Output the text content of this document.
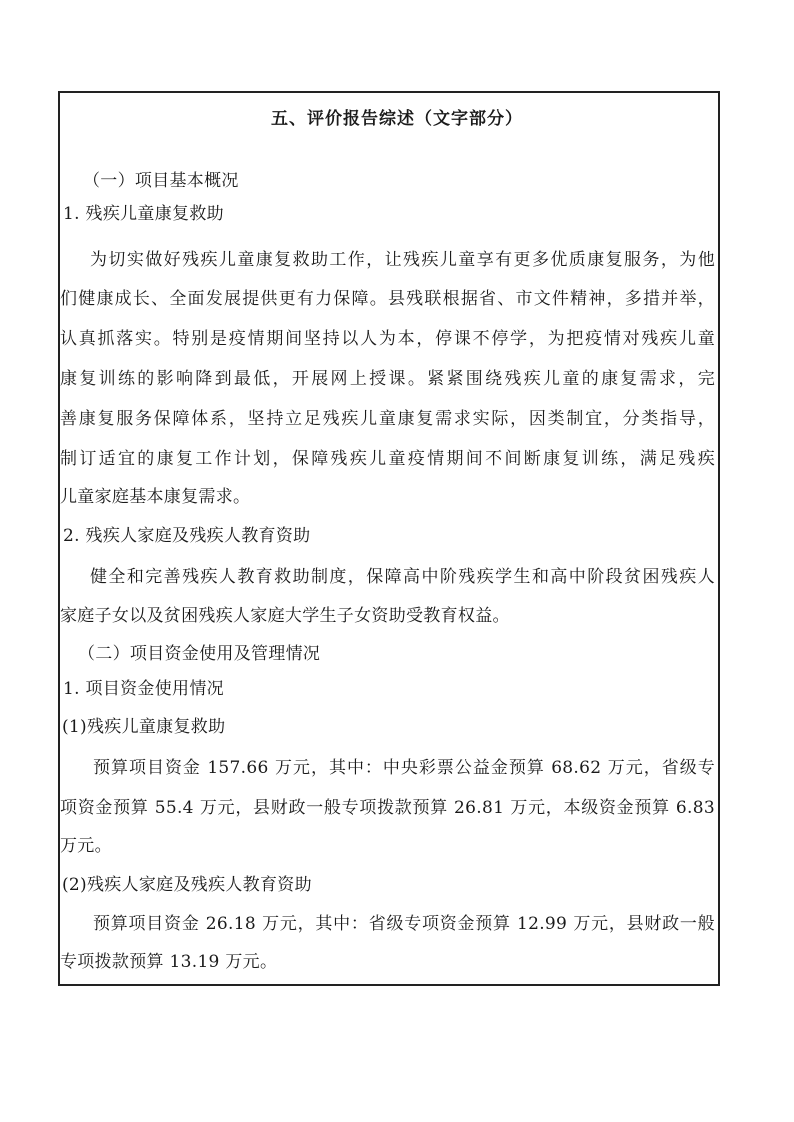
五、评价报告综述（文字部分）
（一）项目基本概况
1. 残疾儿童康复救助
为切实做好残疾儿童康复救助工作，让残疾儿童享有更多优质康复服务，为他
们健康成长、全面发展提供更有力保障。县残联根据省、市文件精神，多措并举，
认真抓落实。特别是疫情期间坚持以人为本，停课不停学，为把疫情对残疾儿童
康复训练的影响降到最低，开展网上授课。紧紧围绕残疾儿童的康复需求，完
善康复服务保障体系，坚持立足残疾儿童康复需求实际，因类制宜，分类指导，
制订适宜的康复工作计划，保障残疾儿童疫情期间不间断康复训练，满足残疾
儿童家庭基本康复需求。
2. 残疾人家庭及残疾人教育资助
健全和完善残疾人教育救助制度，保障高中阶残疾学生和高中阶段贫困残疾人
家庭子女以及贫困残疾人家庭大学生子女资助受教育权益。
（二）项目资金使用及管理情况
1. 项目资金使用情况
(1)残疾儿童康复救助
预算项目资金 157.66 万元，其中：中央彩票公益金预算 68.62 万元，省级专
项资金预算 55.4 万元，县财政一般专项拨款预算 26.81 万元，本级资金预算 6.83
万元。
(2)残疾人家庭及残疾人教育资助
预算项目资金 26.18 万元，其中：省级专项资金预算 12.99 万元，县财政一般
专项拨款预算 13.19 万元。
